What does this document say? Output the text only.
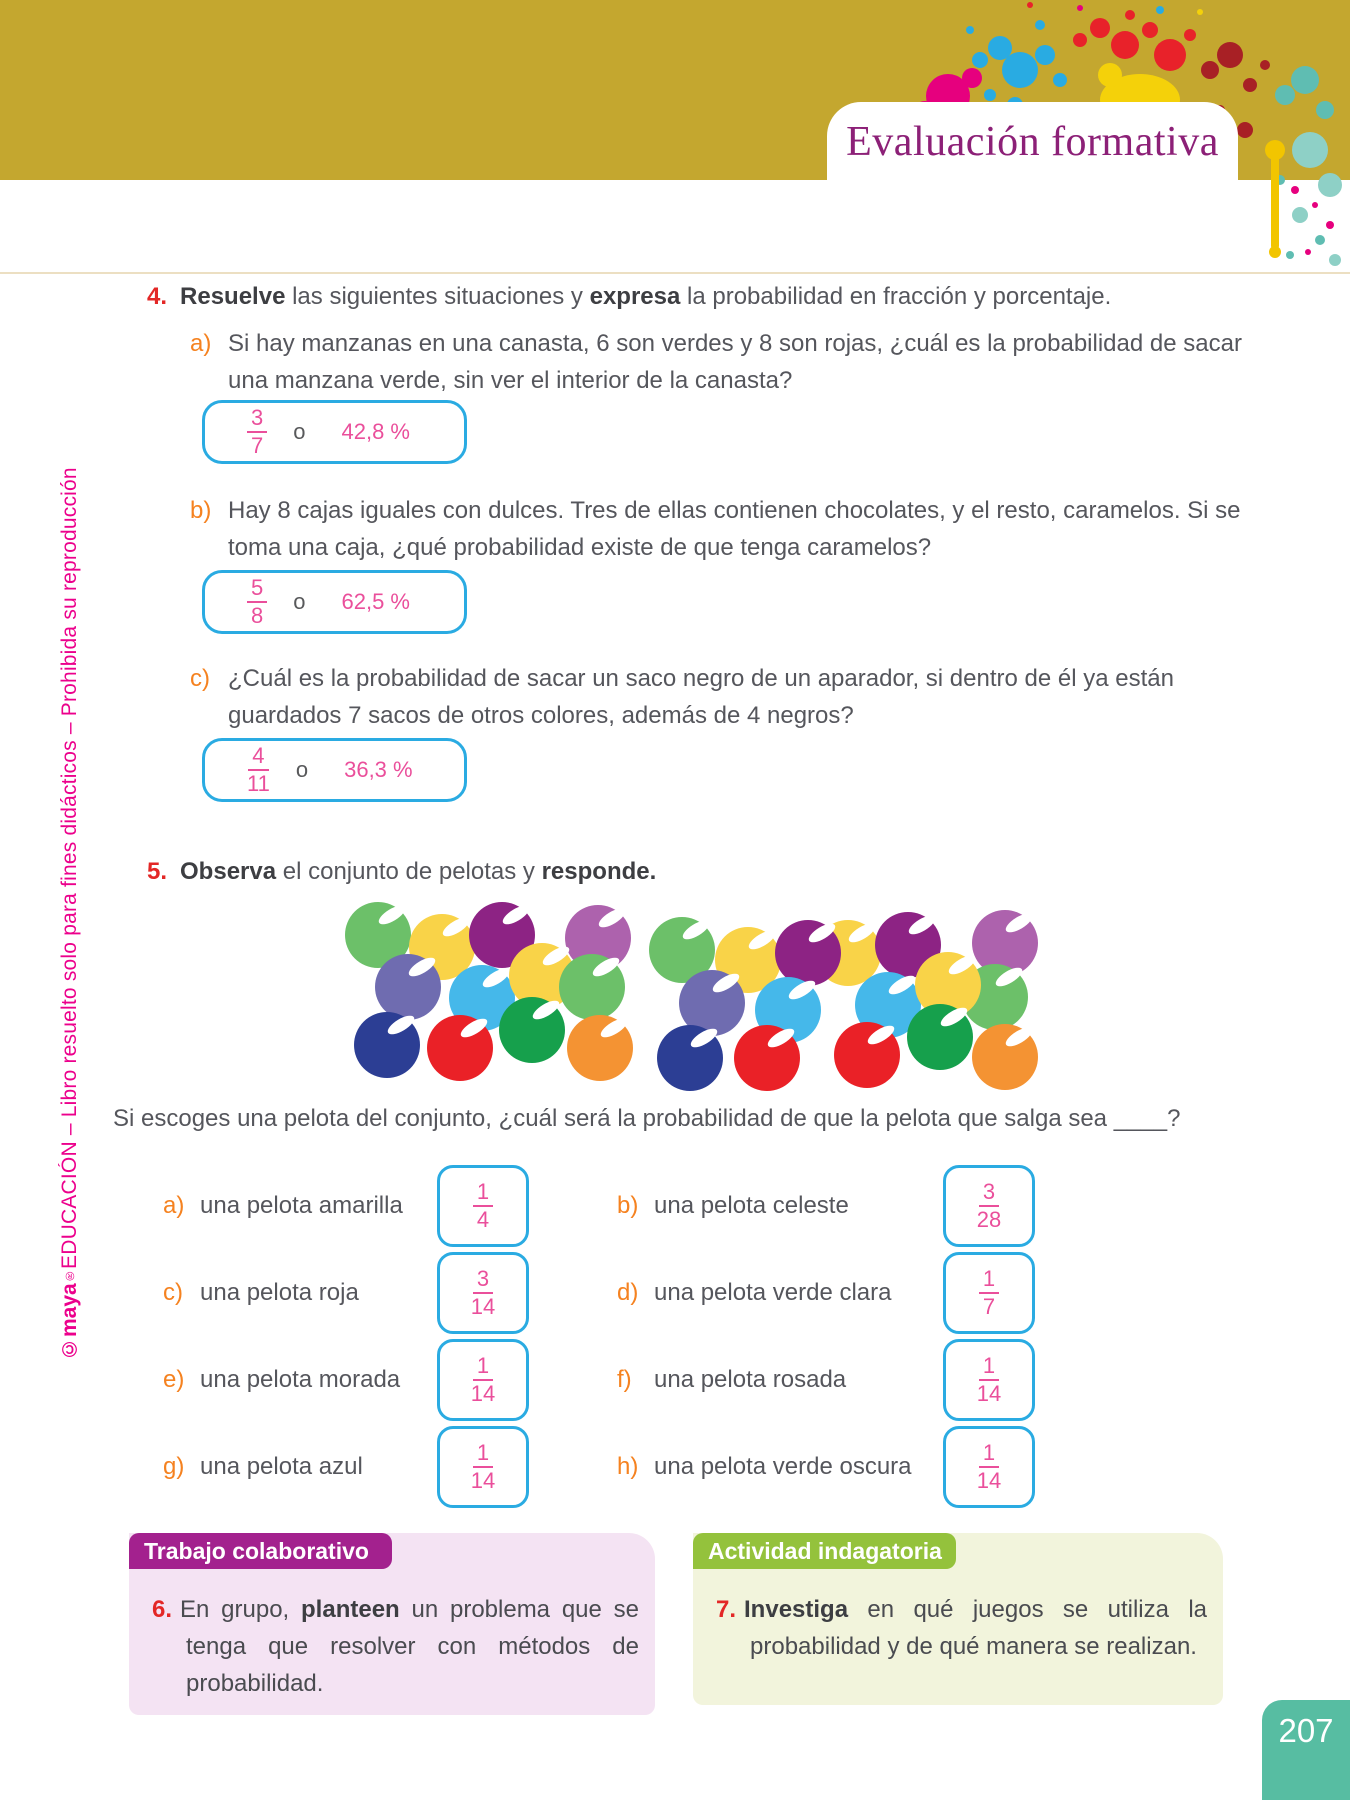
Evaluación formativa
©maya
®
EDUCACIÓN – Libro resuelto solo para fines didácticos – Prohibida su reproducción
4. Resuelve las siguientes situaciones y expresa la probabilidad en fracción y porcentaje.
a) Si hay manzanas en una canasta, 6 son verdes y 8 son rojas, ¿cuál es la probabilidad de sacar
una manzana verde, sin ver el interior de la canasta?
$\frac{3}{7}$ o 42,8 %
b) Hay 8 cajas iguales con dulces. Tres de ellas contienen chocolates, y el resto, caramelos. Si se
toma una caja, ¿qué probabilidad existe de que tenga caramelos?
$\frac{5}{8}$ o 62,5 %
c) ¿Cuál es la probabilidad de sacar un saco negro de un aparador, si dentro de él ya están
guardados 7 sacos de otros colores, además de 4 negros?
$\frac{4}{11}$ o 36,3 %
5. Observa el conjunto de pelotas y responde.
Si escoges una pelota del conjunto, ¿cuál será la probabilidad de que la pelota que salga sea ____?
a) una pelota amarilla	$\frac{1}{4}$	b) una pelota celeste	$\frac{3}{28}$
c) una pelota roja	$\frac{3}{14}$	d) una pelota verde clara	$\frac{1}{7}$
e) una pelota morada	$\frac{1}{14}$	f) una pelota rosada	$\frac{1}{14}$
g) una pelota azul	$\frac{1}{14}$	h) una pelota verde oscura	$\frac{1}{14}$
Trabajo colaborativo
6. En grupo, planteen un problema que se tenga que resolver con métodos de probabilidad.
Actividad indagatoria
7. Investiga en qué juegos se utiliza la probabilidad y de qué manera se realizan.
207
